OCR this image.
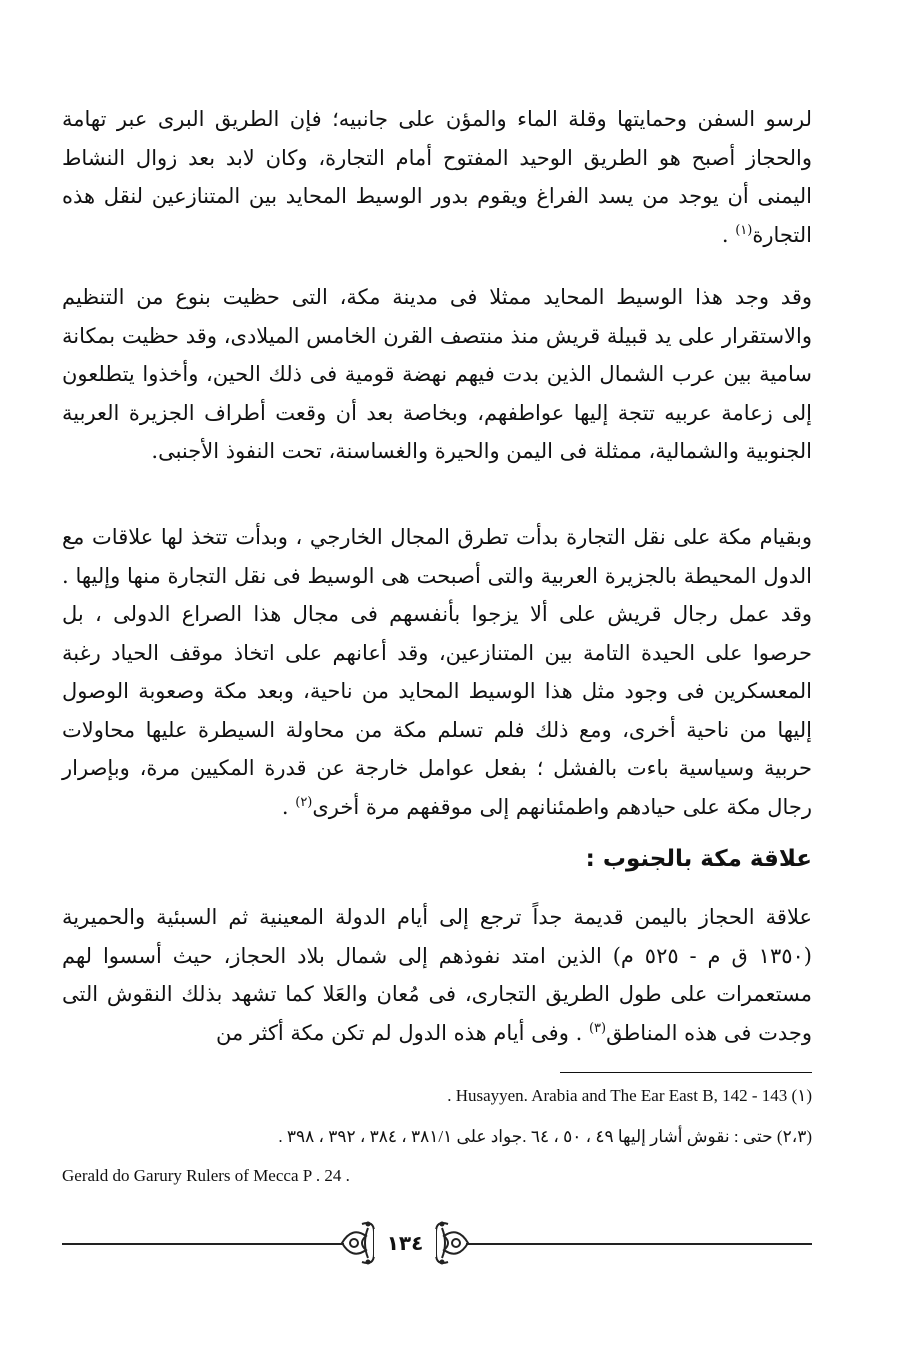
لرسو السفن وحمايتها وقلة الماء والمؤن على جانبيه؛ فإن الطريق البرى عبر تهامة والحجاز أصبح هو الطريق الوحيد المفتوح أمام التجارة، وكان لابد بعد زوال النشاط اليمنى أن يوجد من يسد الفراغ ويقوم بدور الوسيط المحايد بين المتنازعين لنقل هذه التجارة$^{(١)}$ .

وقد وجد هذا الوسيط المحايد ممثلا فى مدينة مكة، التى حظيت بنوع من التنظيم والاستقرار على يد قبيلة قريش منذ منتصف القرن الخامس الميلادى، وقد حظيت بمكانة سامية بين عرب الشمال الذين بدت فيهم نهضة قومية فى ذلك الحين، وأخذوا يتطلعون إلى زعامة عربيه تتجة إليها عواطفهم، وبخاصة بعد أن وقعت أطراف الجزيرة العربية الجنوبية والشمالية، ممثلة فى اليمن والحيرة والغساسنة، تحت النفوذ الأجنبى.

وبقيام مكة على نقل التجارة بدأت تطرق المجال الخارجي ، وبدأت تتخذ لها علاقات مع الدول المحيطة بالجزيرة العربية والتى أصبحت هى الوسيط فى نقل التجارة منها وإليها . وقد عمل رجال قريش على ألا يزجوا بأنفسهم فى مجال هذا الصراع الدولى ، بل حرصوا على الحيدة التامة بين المتنازعين، وقد أعانهم على اتخاذ موقف الحياد رغبة المعسكرين فى وجود مثل هذا الوسيط المحايد من ناحية، وبعد مكة وصعوبة الوصول إليها من ناحية أخرى، ومع ذلك فلم تسلم مكة من محاولة السيطرة عليها محاولات حربية وسياسية باءت بالفشل ؛ بفعل عوامل خارجة عن قدرة المكيين مرة، وبإصرار رجال مكة على حيادهم واطمئنانهم إلى موقفهم مرة أخرى$^{(٢)}$ .

علاقة مكة بالجنوب :

علاقة الحجاز باليمن قديمة جداً ترجع إلى أيام الدولة المعينية ثم السبئية والحميرية (١٣٥٠ ق م - ٥٢٥ م) الذين امتد نفوذهم إلى شمال بلاد الحجاز، حيث أسسوا لهم مستعمرات على طول الطريق التجارى، فى مُعان والعَلا كما تشهد بذلك النقوش التى وجدت فى هذه المناطق$^{(٣)}$ . وفى أيام هذه الدول لم تكن مكة أكثر من

(١) Husayyen. Arabia and The Ear East B, 142 - 143 .
(٢،٣) حتى : نقوش أشار إليها ٤٩ ، ٥٠ ، ٦٤ .جواد على ٣٨١/١ ، ٣٨٤ ، ٣٩٢ ، ٣٩٨ .
Gerald do Garury Rulers of Mecca P . 24 .
١٣٤
